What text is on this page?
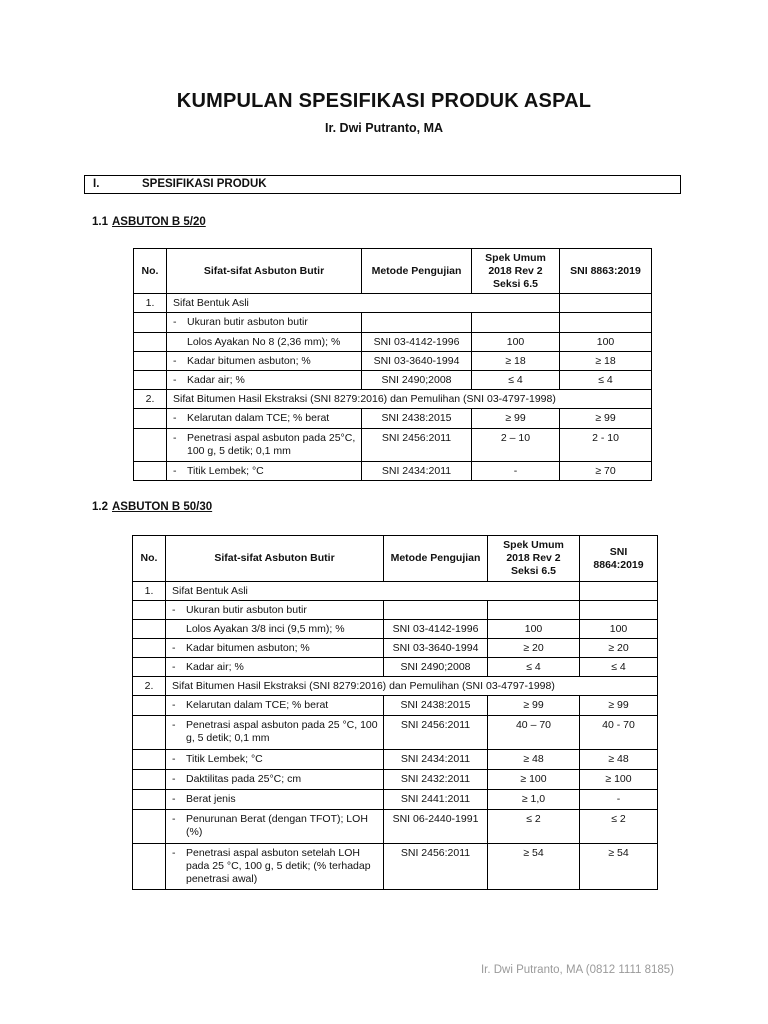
KUMPULAN SPESIFIKASI PRODUK ASPAL
Ir. Dwi Putranto, MA
I.	SPESIFIKASI PRODUK
1.1 ASBUTON B 5/20
No.	Sifat-sifat Asbuton Butir	Metode Pengujian	Spek Umum 2018 Rev 2 Seksi 6.5	SNI 8863:2019
1.	Sifat Bentuk Asli			
	- Ukuran butir asbuton butir			
	Lolos Ayakan No 8 (2,36 mm); %	SNI 03-4142-1996	100	100
	- Kadar bitumen asbuton; %	SNI 03-3640-1994	≥ 18	≥ 18
	- Kadar air; %	SNI 2490;2008	≤ 4	≤ 4
2.	Sifat Bitumen Hasil Ekstraksi (SNI 8279:2016) dan Pemulihan (SNI 03-4797-1998)			
	- Kelarutan dalam TCE; % berat	SNI 2438:2015	≥ 99	≥ 99

	- Penetrasi aspal asbuton pada 25°C, 100 g, 5 detik; 0,1 mm	SNI 2456:2011	2 – 10	2 - 10
	- Titik Lembek; °C	SNI 2434:2011	-	≥ 70
1.2 ASBUTON B 50/30
No.	Sifat-sifat Asbuton Butir	Metode Pengujian	Spek Umum 2018 Rev 2 Seksi 6.5	SNI 8864:2019
1.	Sifat Bentuk Asli			
	- Ukuran butir asbuton butir			
	Lolos Ayakan 3/8 inci (9,5 mm); %	SNI 03-4142-1996	100	100
	- Kadar bitumen asbuton; %	SNI 03-3640-1994	≥ 20	≥ 20
	- Kadar air; %	SNI 2490;2008	≤ 4	≤ 4
2.	Sifat Bitumen Hasil Ekstraksi (SNI 8279:2016) dan Pemulihan (SNI 03-4797-1998)			
	- Kelarutan dalam TCE; % berat	SNI 2438:2015	≥ 99	≥ 99

	- Penetrasi aspal asbuton pada 25 °C, 100 g, 5 detik; 0,1 mm	SNI 2456:2011	40 – 70	40 - 70
	- Titik Lembek; °C	SNI 2434:2011	≥ 48	≥ 48
	- Daktilitas pada 25°C; cm	SNI 2432:2011	≥ 100	≥ 100
	- Berat jenis	SNI 2441:2011	≥ 1,0	-

	- Penurunan Berat (dengan TFOT); LOH (%)	SNI 06-2440-1991	≤ 2	≤ 2

	- Penetrasi aspal asbuton setelah LOH pada 25 °C, 100 g, 5 detik; (% terhadap penetrasi awal)	SNI 2456:2011	≥ 54	≥ 54
Ir. Dwi Putranto, MA (0812 1111 8185)
